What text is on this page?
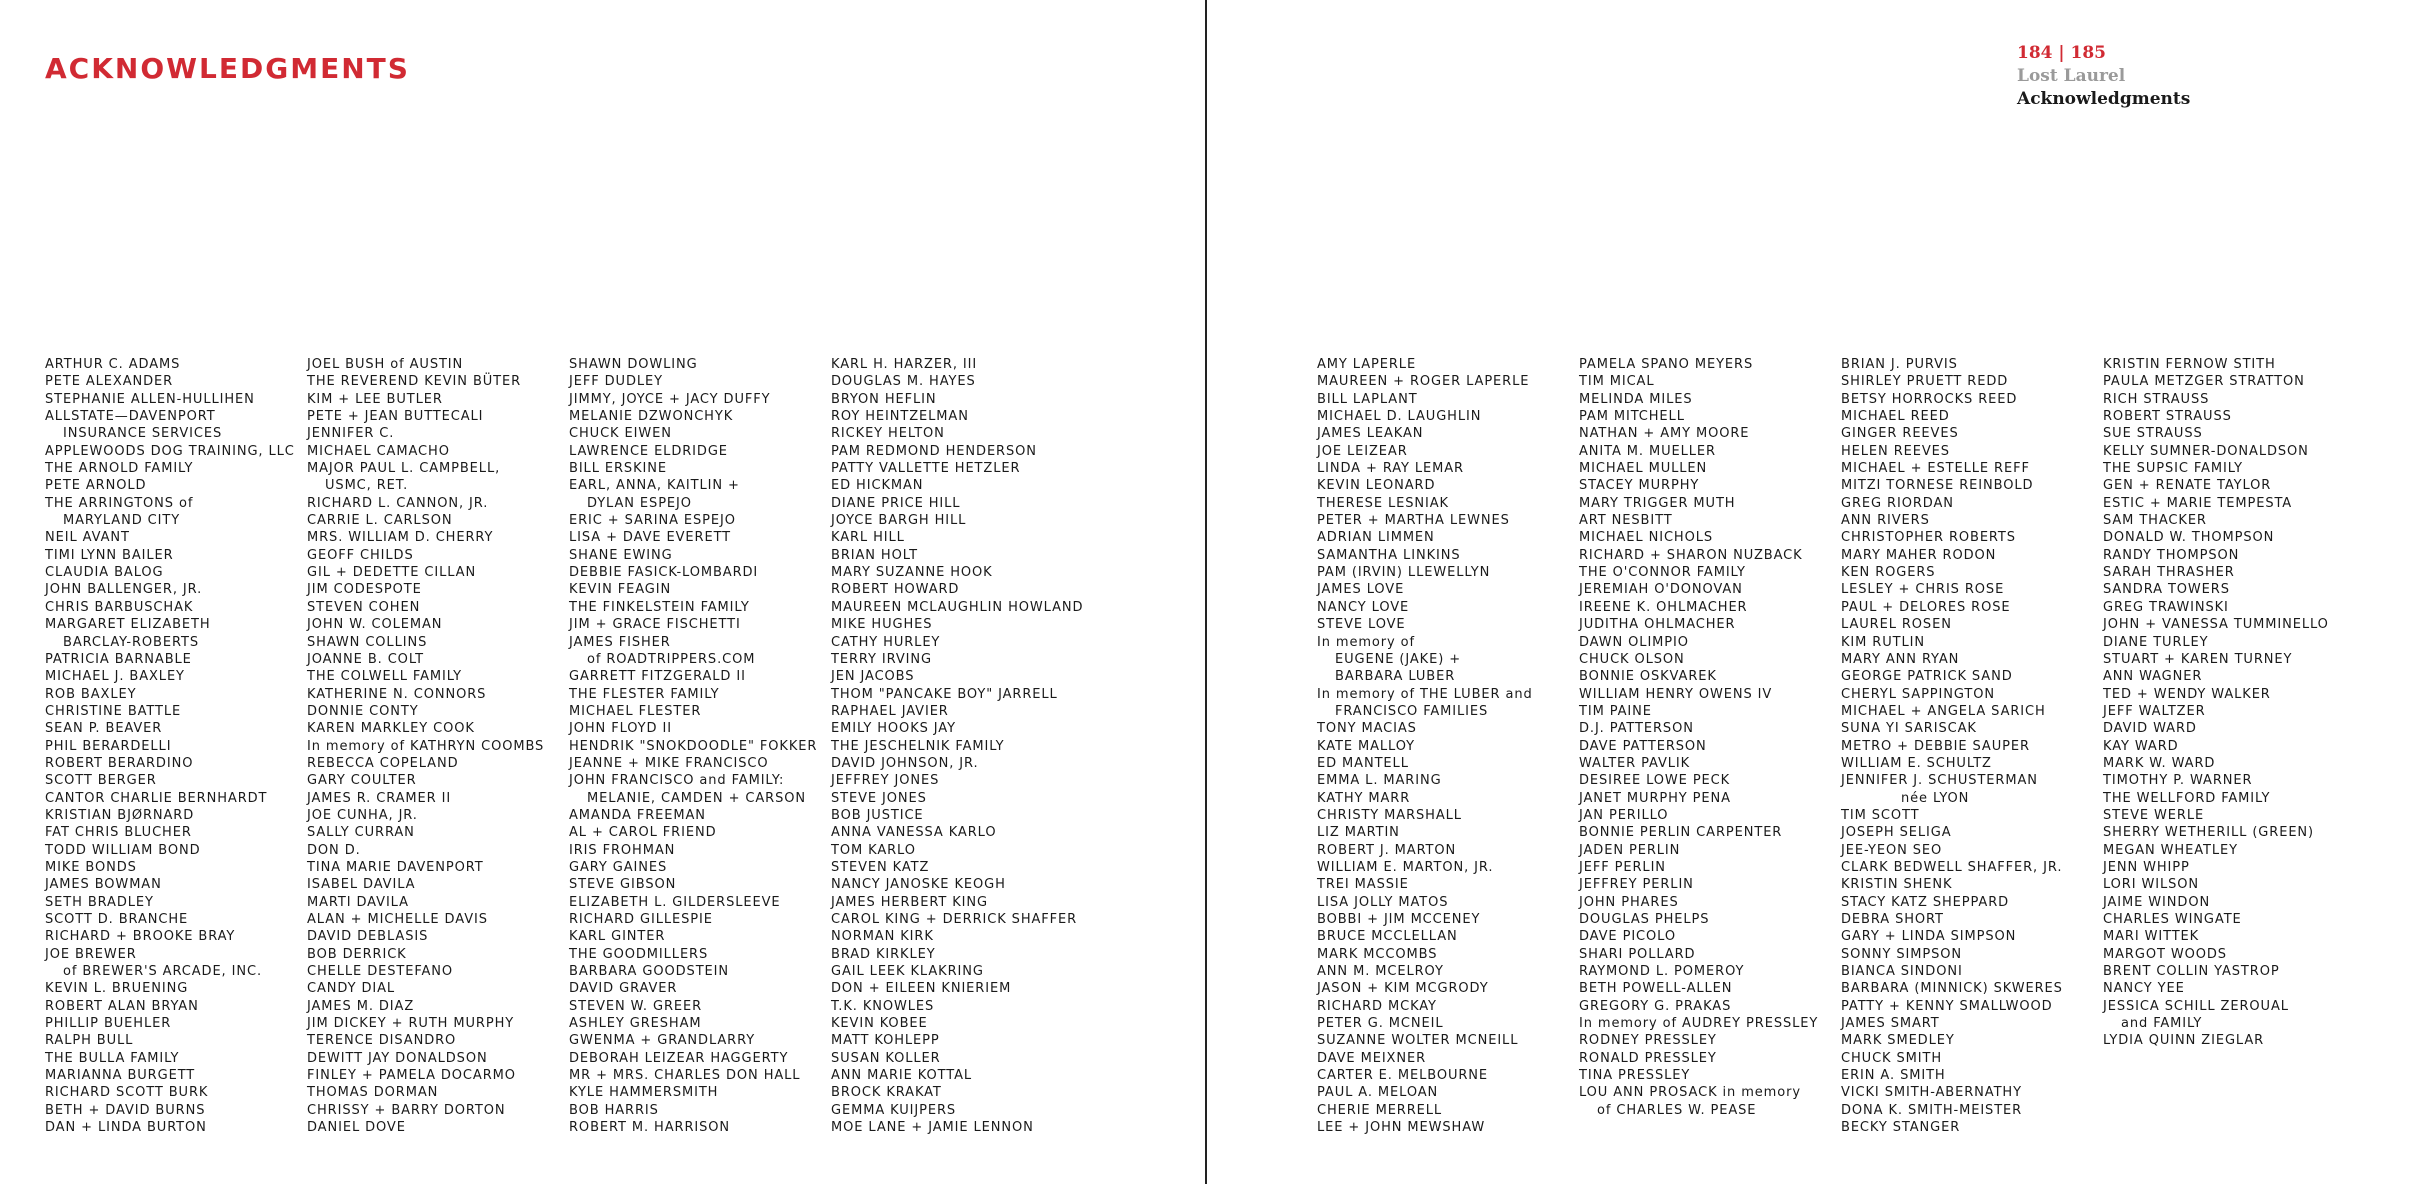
ACKNOWLEDGMENTS	184 | 185
Lost Laurel
Acknowledgments
ARTHUR C. ADAMS
PETE ALEXANDER
STEPHANIE ALLEN-HULLIHEN
ALLSTATE—DAVENPORT
INSURANCE SERVICES
APPLEWOODS DOG TRAINING, LLC
THE ARNOLD FAMILY
PETE ARNOLD
THE ARRINGTONS of
MARYLAND CITY
NEIL AVANT
TIMI LYNN BAILER
CLAUDIA BALOG
JOHN BALLENGER, JR.
CHRIS BARBUSCHAK
MARGARET ELIZABETH
BARCLAY-ROBERTS
PATRICIA BARNABLE
MICHAEL J. BAXLEY
ROB BAXLEY
CHRISTINE BATTLE
SEAN P. BEAVER
PHIL BERARDELLI
ROBERT BERARDINO
SCOTT BERGER
CANTOR CHARLIE BERNHARDT
KRISTIAN BJØRNARD
FAT CHRIS BLUCHER
TODD WILLIAM BOND
MIKE BONDS
JAMES BOWMAN
SETH BRADLEY
SCOTT D. BRANCHE
RICHARD + BROOKE BRAY
JOE BREWER
of BREWER'S ARCADE, INC.
KEVIN L. BRUENING
ROBERT ALAN BRYAN
PHILLIP BUEHLER
RALPH BULL
THE BULLA FAMILY
MARIANNA BURGETT
RICHARD SCOTT BURK
BETH + DAVID BURNS
DAN + LINDA BURTON
JOEL BUSH of AUSTIN
THE REVEREND KEVIN BÜTER
KIM + LEE BUTLER
PETE + JEAN BUTTECALI
JENNIFER C.
MICHAEL CAMACHO
MAJOR PAUL L. CAMPBELL,
USMC, RET.
RICHARD L. CANNON, JR.
CARRIE L. CARLSON
MRS. WILLIAM D. CHERRY
GEOFF CHILDS
GIL + DEDETTE CILLAN
JIM CODESPOTE
STEVEN COHEN
JOHN W. COLEMAN
SHAWN COLLINS
JOANNE B. COLT
THE COLWELL FAMILY
KATHERINE N. CONNORS
DONNIE CONTY
KAREN MARKLEY COOK
In memory of KATHRYN COOMBS
REBECCA COPELAND
GARY COULTER
JAMES R. CRAMER II
JOE CUNHA, JR.
SALLY CURRAN
DON D.
TINA MARIE DAVENPORT
ISABEL DAVILA
MARTI DAVILA
ALAN + MICHELLE DAVIS
DAVID DEBLASIS
BOB DERRICK
CHELLE DESTEFANO
CANDY DIAL
JAMES M. DIAZ
JIM DICKEY + RUTH MURPHY
TERENCE DISANDRO
DEWITT JAY DONALDSON
FINLEY + PAMELA DOCARMO
THOMAS DORMAN
CHRISSY + BARRY DORTON
DANIEL DOVE
SHAWN DOWLING
JEFF DUDLEY
JIMMY, JOYCE + JACY DUFFY
MELANIE DZWONCHYK
CHUCK EIWEN
LAWRENCE ELDRIDGE
BILL ERSKINE
EARL, ANNA, KAITLIN +
DYLAN ESPEJO
ERIC + SARINA ESPEJO
LISA + DAVE EVERETT
SHANE EWING
DEBBIE FASICK-LOMBARDI
KEVIN FEAGIN
THE FINKELSTEIN FAMILY
JIM + GRACE FISCHETTI
JAMES FISHER
of ROADTRIPPERS.COM
GARRETT FITZGERALD II
THE FLESTER FAMILY
MICHAEL FLESTER
JOHN FLOYD II
HENDRIK "SNOKDOODLE" FOKKER
JEANNE + MIKE FRANCISCO
JOHN FRANCISCO and FAMILY:
MELANIE, CAMDEN + CARSON
AMANDA FREEMAN
AL + CAROL FRIEND
IRIS FROHMAN
GARY GAINES
STEVE GIBSON
ELIZABETH L. GILDERSLEEVE
RICHARD GILLESPIE
KARL GINTER
THE GOODMILLERS
BARBARA GOODSTEIN
DAVID GRAVER
STEVEN W. GREER
ASHLEY GRESHAM
GWENMA + GRANDLARRY
DEBORAH LEIZEAR HAGGERTY
MR + MRS. CHARLES DON HALL
KYLE HAMMERSMITH
BOB HARRIS
ROBERT M. HARRISON
KARL H. HARZER, III
DOUGLAS M. HAYES
BRYON HEFLIN
ROY HEINTZELMAN
RICKEY HELTON
PAM REDMOND HENDERSON
PATTY VALLETTE HETZLER
ED HICKMAN
DIANE PRICE HILL
JOYCE BARGH HILL
KARL HILL
BRIAN HOLT
MARY SUZANNE HOOK
ROBERT HOWARD
MAUREEN MCLAUGHLIN HOWLAND
MIKE HUGHES
CATHY HURLEY
TERRY IRVING
JEN JACOBS
THOM "PANCAKE BOY" JARRELL
RAPHAEL JAVIER
EMILY HOOKS JAY
THE JESCHELNIK FAMILY
DAVID JOHNSON, JR.
JEFFREY JONES
STEVE JONES
BOB JUSTICE
ANNA VANESSA KARLO
TOM KARLO
STEVEN KATZ
NANCY JANOSKE KEOGH
JAMES HERBERT KING
CAROL KING + DERRICK SHAFFER
NORMAN KIRK
BRAD KIRKLEY
GAIL LEEK KLAKRING
DON + EILEEN KNIERIEM
T.K. KNOWLES
KEVIN KOBEE
MATT KOHLEPP
SUSAN KOLLER
ANN MARIE KOTTAL
BROCK KRAKAT
GEMMA KUIJPERS
MOE LANE + JAMIE LENNON
AMY LAPERLE
MAUREEN + ROGER LAPERLE
BILL LAPLANT
MICHAEL D. LAUGHLIN
JAMES LEAKAN
JOE LEIZEAR
LINDA + RAY LEMAR
KEVIN LEONARD
THERESE LESNIAK
PETER + MARTHA LEWNES
ADRIAN LIMMEN
SAMANTHA LINKINS
PAM (IRVIN) LLEWELLYN
JAMES LOVE
NANCY LOVE
STEVE LOVE
In memory of
EUGENE (JAKE) +
BARBARA LUBER
In memory of THE LUBER and
FRANCISCO FAMILIES
TONY MACIAS
KATE MALLOY
ED MANTELL
EMMA L. MARING
KATHY MARR
CHRISTY MARSHALL
LIZ MARTIN
ROBERT J. MARTON
WILLIAM E. MARTON, JR.
TREI MASSIE
LISA JOLLY MATOS
BOBBI + JIM MCCENEY
BRUCE MCCLELLAN
MARK MCCOMBS
ANN M. MCELROY
JASON + KIM MCGRODY
RICHARD MCKAY
PETER G. MCNEIL
SUZANNE WOLTER MCNEILL
DAVE MEIXNER
CARTER E. MELBOURNE
PAUL A. MELOAN
CHERIE MERRELL
LEE + JOHN MEWSHAW
PAMELA SPANO MEYERS
TIM MICAL
MELINDA MILES
PAM MITCHELL
NATHAN + AMY MOORE
ANITA M. MUELLER
MICHAEL MULLEN
STACEY MURPHY
MARY TRIGGER MUTH
ART NESBITT
MICHAEL NICHOLS
RICHARD + SHARON NUZBACK
THE O'CONNOR FAMILY
JEREMIAH O'DONOVAN
IREENE K. OHLMACHER
JUDITHA OHLMACHER
DAWN OLIMPIO
CHUCK OLSON
BONNIE OSKVAREK
WILLIAM HENRY OWENS IV
TIM PAINE
D.J. PATTERSON
DAVE PATTERSON
WALTER PAVLIK
DESIREE LOWE PECK
JANET MURPHY PENA
JAN PERILLO
BONNIE PERLIN CARPENTER
JADEN PERLIN
JEFF PERLIN
JEFFREY PERLIN
JOHN PHARES
DOUGLAS PHELPS
DAVE PICOLO
SHARI POLLARD
RAYMOND L. POMEROY
BETH POWELL-ALLEN
GREGORY G. PRAKAS
In memory of AUDREY PRESSLEY
RODNEY PRESSLEY
RONALD PRESSLEY
TINA PRESSLEY
LOU ANN PROSACK in memory
of CHARLES W. PEASE
BRIAN J. PURVIS
SHIRLEY PRUETT REDD
BETSY HORROCKS REED
MICHAEL REED
GINGER REEVES
HELEN REEVES
MICHAEL + ESTELLE REFF
MITZI TORNESE REINBOLD
GREG RIORDAN
ANN RIVERS
CHRISTOPHER ROBERTS
MARY MAHER RODON
KEN ROGERS
LESLEY + CHRIS ROSE
PAUL + DELORES ROSE
LAUREL ROSEN
KIM RUTLIN
MARY ANN RYAN
GEORGE PATRICK SAND
CHERYL SAPPINGTON
MICHAEL + ANGELA SARICH
SUNA YI SARISCAK
METRO + DEBBIE SAUPER
WILLIAM E. SCHULTZ
JENNIFER J. SCHUSTERMAN
née LYON
TIM SCOTT
JOSEPH SELIGA
JEE-YEON SEO
CLARK BEDWELL SHAFFER, JR.
KRISTIN SHENK
STACY KATZ SHEPPARD
DEBRA SHORT
GARY + LINDA SIMPSON
SONNY SIMPSON
BIANCA SINDONI
BARBARA (MINNICK) SKWERES
PATTY + KENNY SMALLWOOD
JAMES SMART
MARK SMEDLEY
CHUCK SMITH
ERIN A. SMITH
VICKI SMITH-ABERNATHY
DONA K. SMITH-MEISTER
BECKY STANGER
KRISTIN FERNOW STITH
PAULA METZGER STRATTON
RICH STRAUSS
ROBERT STRAUSS
SUE STRAUSS
KELLY SUMNER-DONALDSON
THE SUPSIC FAMILY
GEN + RENATE TAYLOR
ESTIC + MARIE TEMPESTA
SAM THACKER
DONALD W. THOMPSON
RANDY THOMPSON
SARAH THRASHER
SANDRA TOWERS
GREG TRAWINSKI
JOHN + VANESSA TUMMINELLO
DIANE TURLEY
STUART + KAREN TURNEY
ANN WAGNER
TED + WENDY WALKER
JEFF WALTZER
DAVID WARD
KAY WARD
MARK W. WARD
TIMOTHY P. WARNER
THE WELLFORD FAMILY
STEVE WERLE
SHERRY WETHERILL (GREEN)
MEGAN WHEATLEY
JENN WHIPP
LORI WILSON
JAIME WINDON
CHARLES WINGATE
MARI WITTEK
MARGOT WOODS
BRENT COLLIN YASTROP
NANCY YEE
JESSICA SCHILL ZEROUAL
and FAMILY
LYDIA QUINN ZIEGLAR
